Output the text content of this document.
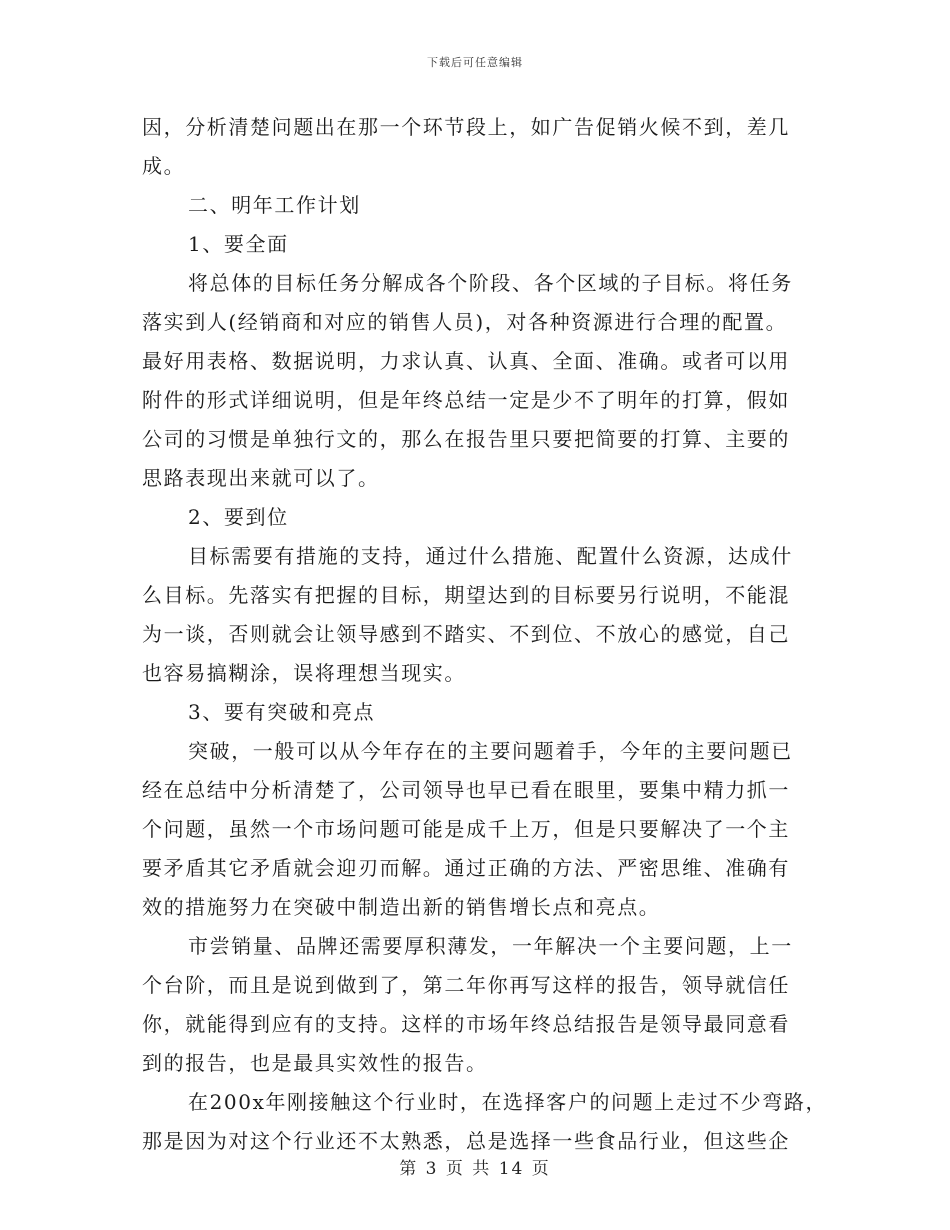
下载后可任意编辑
因，分析清楚问题出在那一个环节段上，如广告促销火候不到，差几
成。
二、明年工作计划
1、要全面
将总体的目标任务分解成各个阶段、各个区域的子目标。将任务
落实到人(经销商和对应的销售人员)，对各种资源进行合理的配置。
最好用表格、数据说明，力求认真、认真、全面、准确。或者可以用
附件的形式详细说明，但是年终总结一定是少不了明年的打算，假如
公司的习惯是单独行文的，那么在报告里只要把简要的打算、主要的
思路表现出来就可以了。
2、要到位
目标需要有措施的支持，通过什么措施、配置什么资源，达成什
么目标。先落实有把握的目标，期望达到的目标要另行说明，不能混
为一谈，否则就会让领导感到不踏实、不到位、不放心的感觉，自己
也容易搞糊涂，误将理想当现实。
3、要有突破和亮点
突破，一般可以从今年存在的主要问题着手，今年的主要问题已
经在总结中分析清楚了，公司领导也早已看在眼里，要集中精力抓一
个问题，虽然一个市场问题可能是成千上万，但是只要解决了一个主
要矛盾其它矛盾就会迎刃而解。通过正确的方法、严密思维、准确有
效的措施努力在突破中制造出新的销售增长点和亮点。
市尝销量、品牌还需要厚积薄发，一年解决一个主要问题，上一
个台阶，而且是说到做到了，第二年你再写这样的报告，领导就信任
你，就能得到应有的支持。这样的市场年终总结报告是领导最同意看
到的报告，也是最具实效性的报告。
在200x年刚接触这个行业时，在选择客户的问题上走过不少弯路，
那是因为对这个行业还不太熟悉，总是选择一些食品行业，但这些企
第 3 页 共 14 页
